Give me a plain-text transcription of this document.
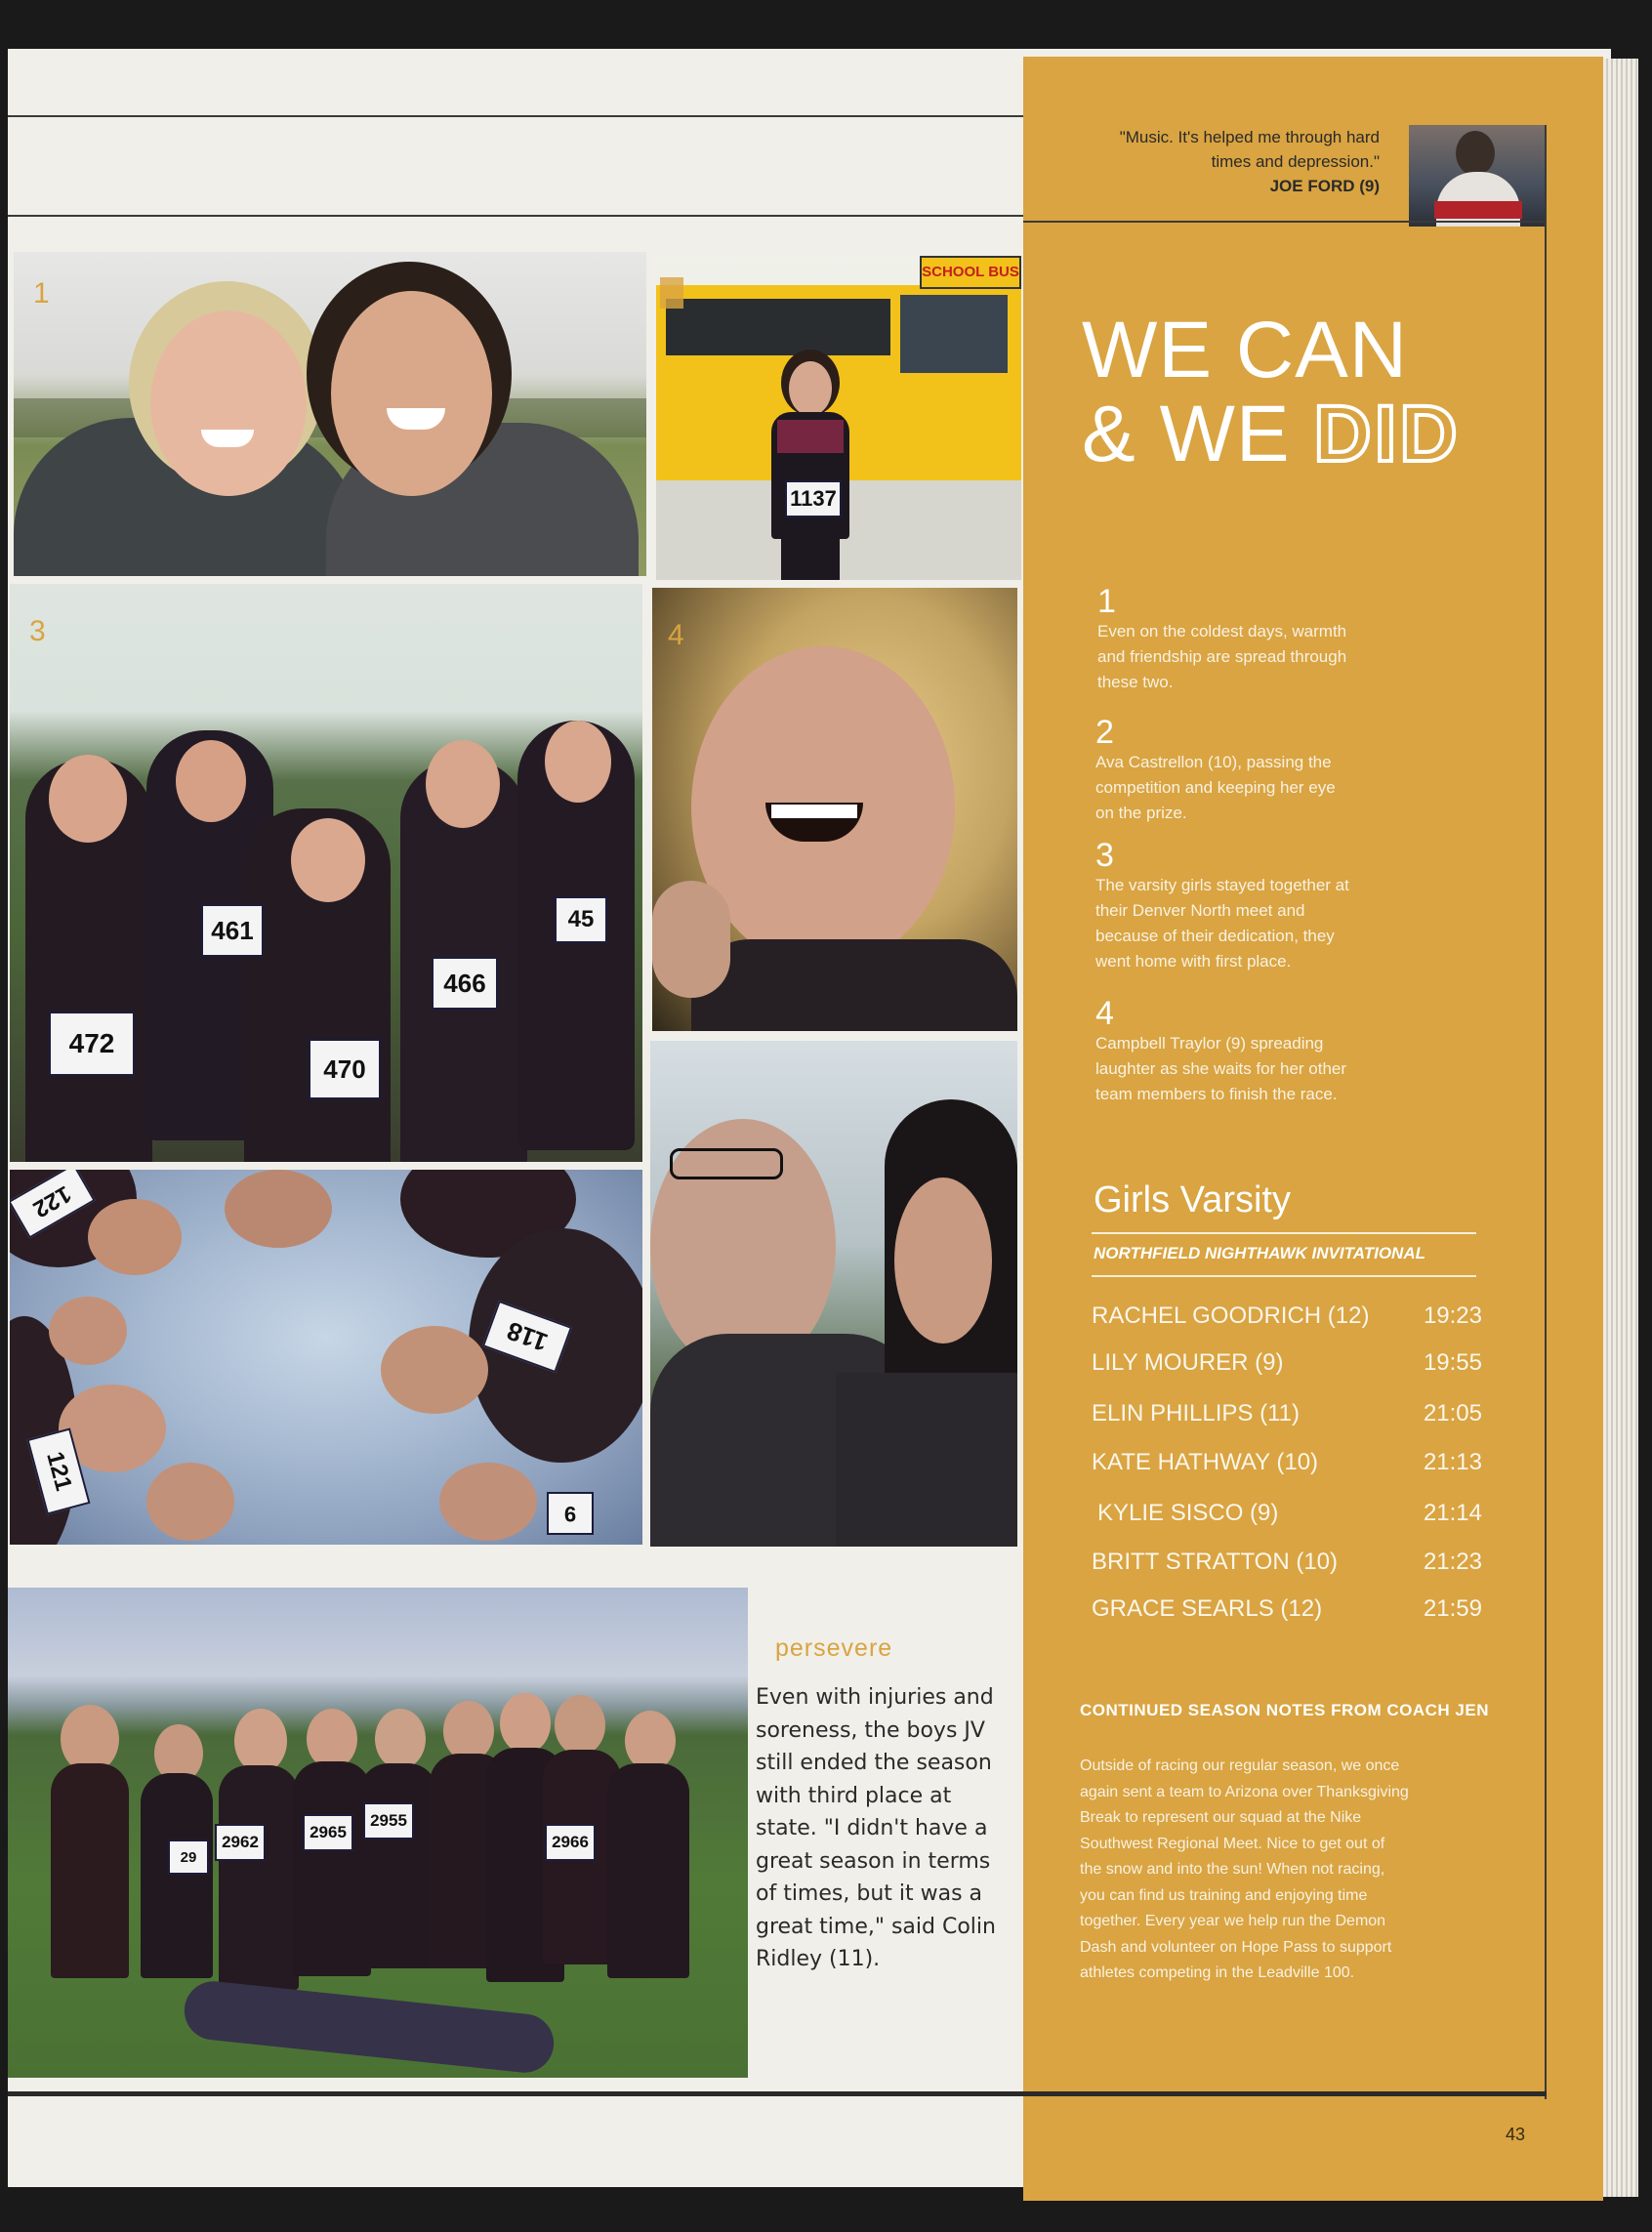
"Music. It's helped me through hard
times and depression."
JOE FORD (9)
WE CAN
& WE DID
1
Even on the coldest days, warmth
and friendship are spread through
these two.
2
Ava Castrellon (10), passing the
competition and keeping her eye
on the prize.
3
The varsity girls stayed together at
their Denver North meet and
because of their dedication, they
went home with first place.
4
Campbell Traylor (9) spreading
laughter as she waits for her other
team members to finish the race.
Girls Varsity
NORTHFIELD NIGHTHAWK INVITATIONAL
RACHEL GOODRICH (12) 19:23
LILY MOURER (9)	19:55
ELIN PHILLIPS (11)	21:05
KATE HATHWAY (10)	21:13
KYLIE SISCO (9)	21:14
BRITT STRATTON (10)	21:23
GRACE SEARLS (12)	21:59
CONTINUED SEASON NOTES FROM COACH JEN
Outside of racing our regular season, we once
again sent a team to Arizona over Thanksgiving
Break to represent our squad at the Nike
Southwest Regional Meet. Nice to get out of
the snow and into the sun! When not racing,
you can find us training and enjoying time
together. Every year we help run the Demon
Dash and volunteer on Hope Pass to support
athletes competing in the Leadville 100.
1
SCHOOL BUS
1137
472
461
470
466
45
3	4
122
118
121
9
29
2962
2965
2955
2966
persevere
Even with injuries and
soreness, the boys JV
still ended the season
with third place at
state. "I didn't have a
great season in terms
of times, but it was a
great time," said Colin
Ridley (11).
43
